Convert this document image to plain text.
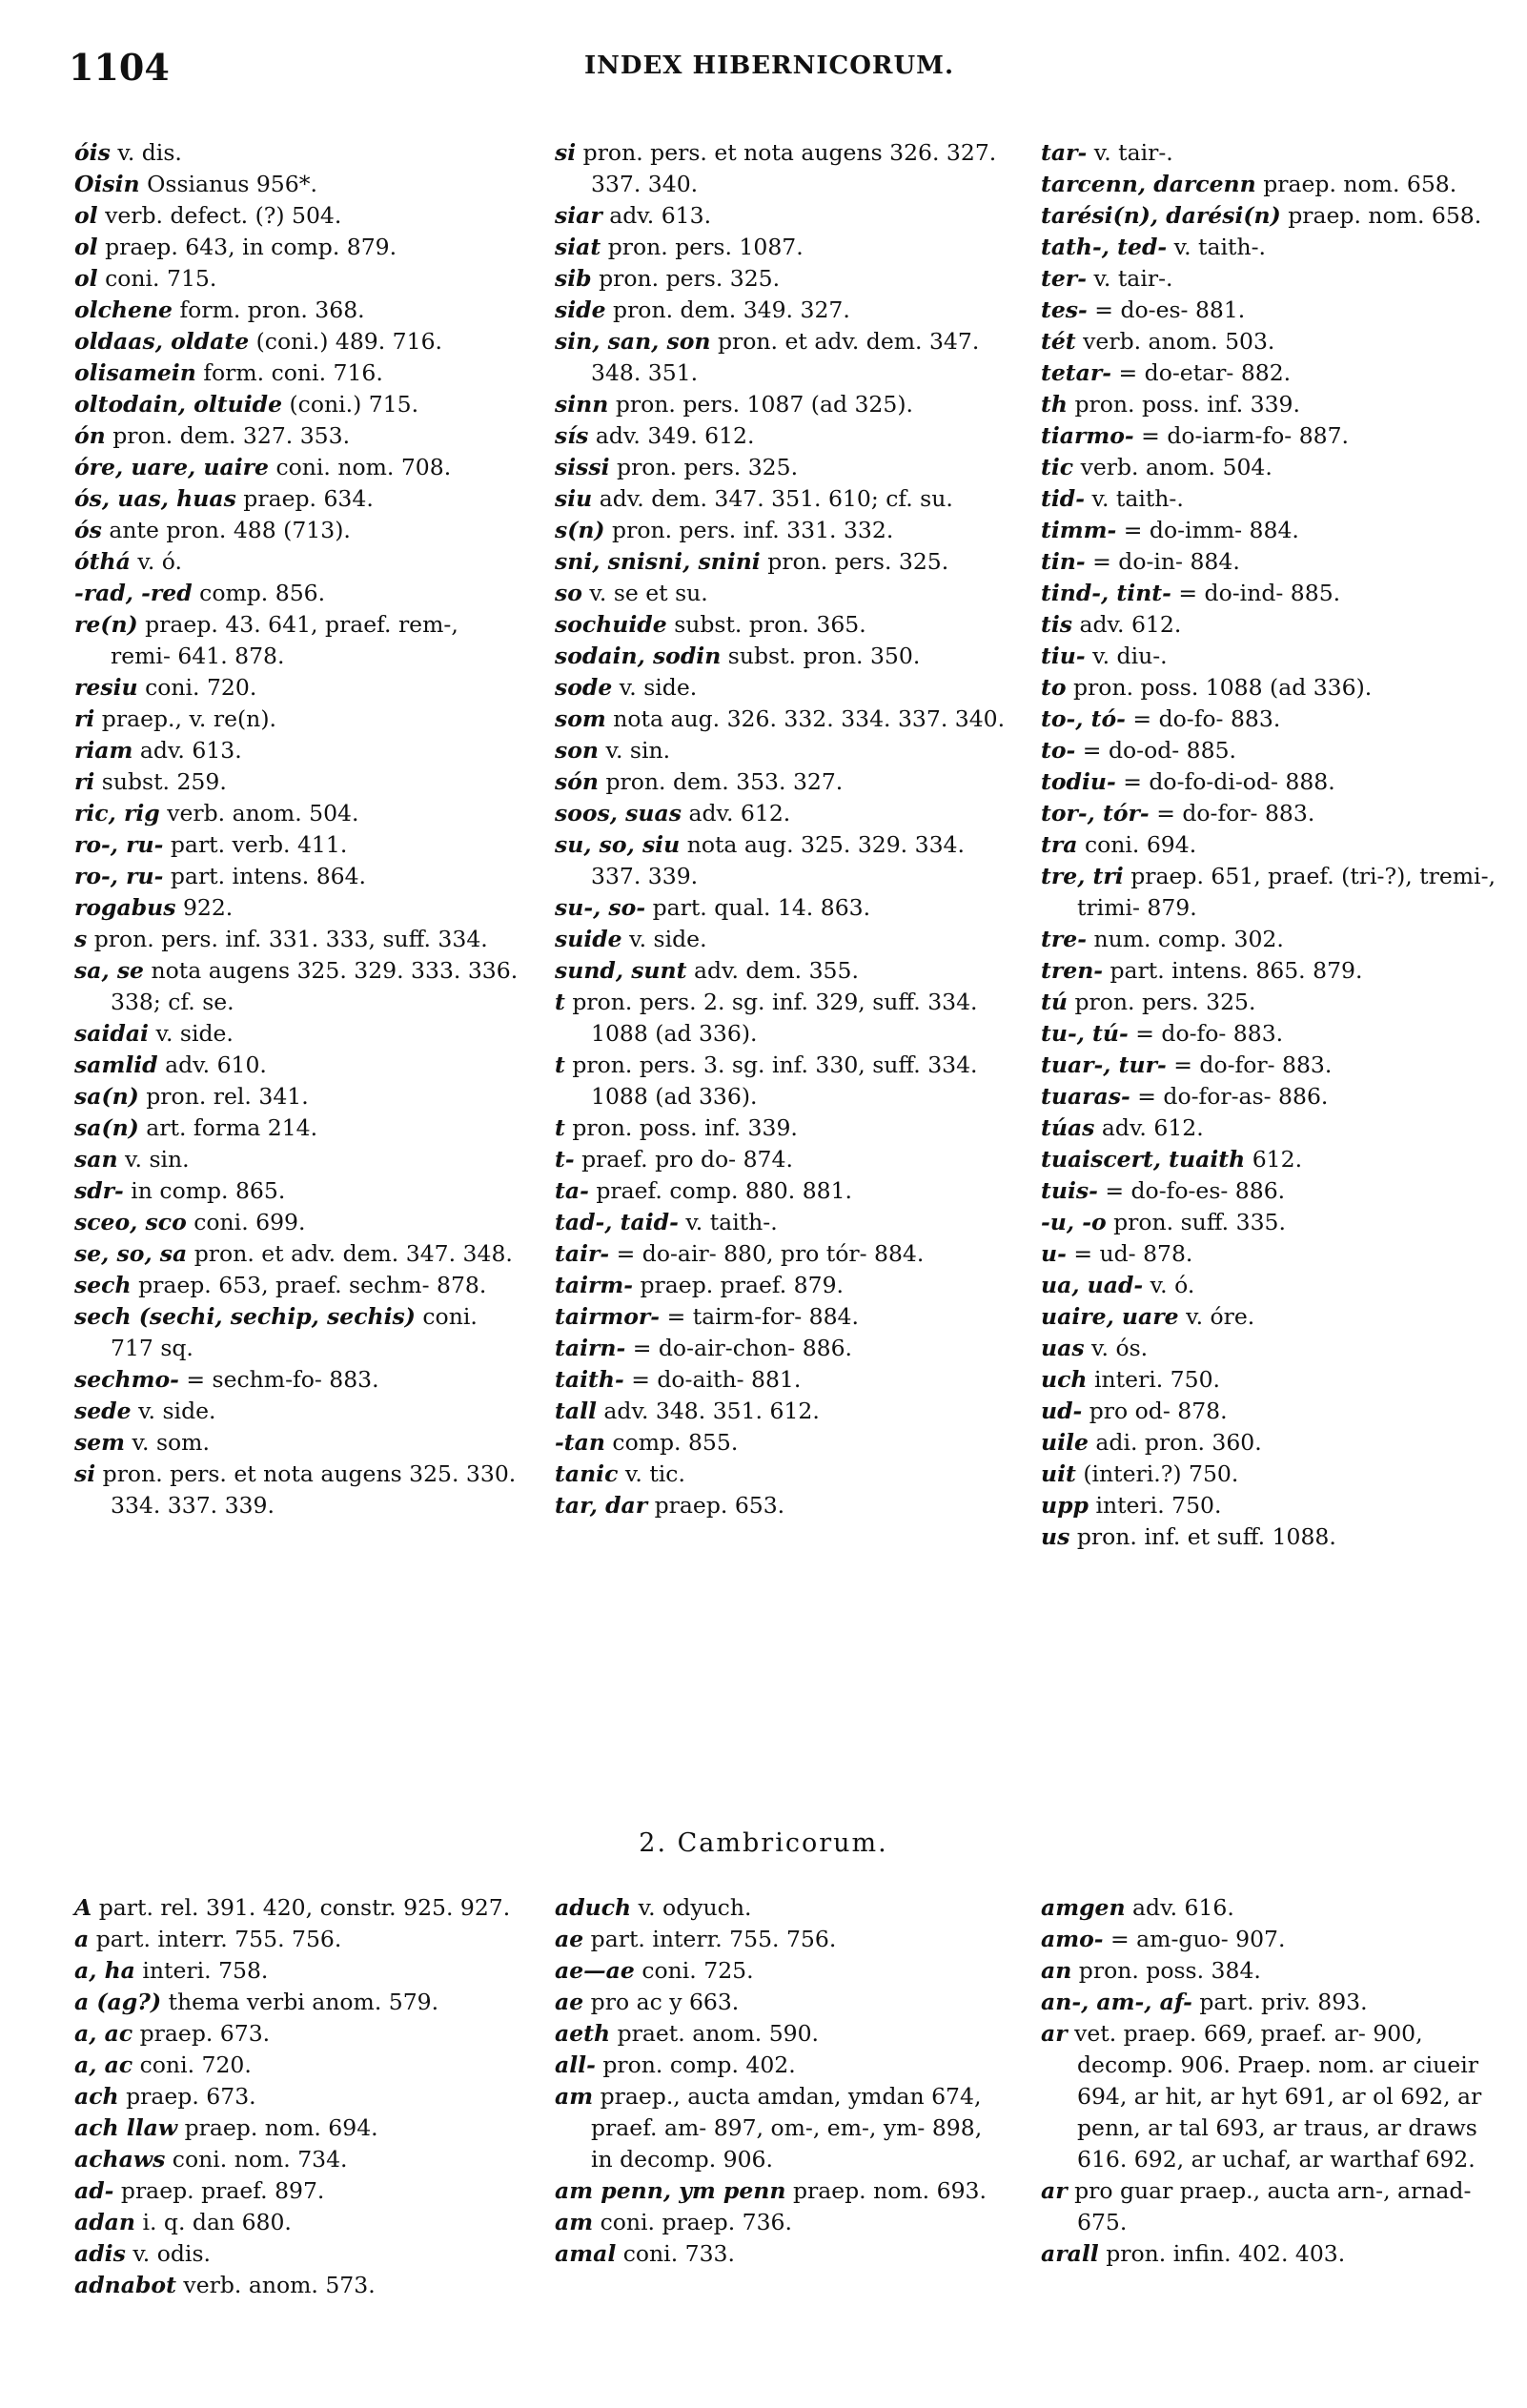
1104	INDEX HIBERNICORUM.
óis v. dis.
Oisin Ossianus 956*.
ol verb. defect. (?) 504.
ol praep. 643, in comp. 879.
ol coni. 715.
olchene form. pron. 368.
oldaas, oldate (coni.) 489. 716.
olisamein form. coni. 716.
oltodain, oltuide (coni.) 715.
ón pron. dem. 327. 353.
óre, uare, uaire coni. nom. 708.
ós, uas, huas praep. 634.
ós ante pron. 488 (713).
óthá v. ó.
-rad, -red comp. 856.
re(n) praep. 43. 641, praef. rem-, remi- 641. 878.
resiu coni. 720.
ri praep., v. re(n).
riam adv. 613.
ri subst. 259.
ric, rig verb. anom. 504.
ro-, ru- part. verb. 411.
ro-, ru- part. intens. 864.
rogabus 922.
s pron. pers. inf. 331. 333, suff. 334.
sa, se nota augens 325. 329. 333. 336. 338; cf. se.
saidai v. side.
samlid adv. 610.
sa(n) pron. rel. 341.
sa(n) art. forma 214.
san v. sin.
sdr- in comp. 865.
sceo, sco coni. 699.
se, so, sa pron. et adv. dem. 347. 348.
sech praep. 653, praef. sechm- 878.
sech (sechi, sechip, sechis) coni. 717 sq.
sechmo- = sechm-fo- 883.
sede v. side.
sem v. som.
si pron. pers. et nota augens 325. 330. 334. 337. 339.
si pron. pers. et nota augens 326. 327. 337. 340.
siar adv. 613.
siat pron. pers. 1087.
sib pron. pers. 325.
side pron. dem. 349. 327.
sin, san, son pron. et adv. dem. 347. 348. 351.
sinn pron. pers. 1087 (ad 325).
sís adv. 349. 612.
sissi pron. pers. 325.
siu adv. dem. 347. 351. 610; cf. su.
s(n) pron. pers. inf. 331. 332.
sni, snisni, snini pron. pers. 325.
so v. se et su.
sochuide subst. pron. 365.
sodain, sodin subst. pron. 350.
sode v. side.
som nota aug. 326. 332. 334. 337. 340.
son v. sin.
són pron. dem. 353. 327.
soos, suas adv. 612.
su, so, siu nota aug. 325. 329. 334. 337. 339.
su-, so- part. qual. 14. 863.
suide v. side.
sund, sunt adv. dem. 355.
t pron. pers. 2. sg. inf. 329, suff. 334. 1088 (ad 336).
t pron. pers. 3. sg. inf. 330, suff. 334. 1088 (ad 336).
t pron. poss. inf. 339.
t- praef. pro do- 874.
ta- praef. comp. 880. 881.
tad-, taid- v. taith-.
tair- = do-air- 880, pro tór- 884.
tairm- praep. praef. 879.
tairmor- = tairm-for- 884.
tairn- = do-air-chon- 886.
taith- = do-aith- 881.
tall adv. 348. 351. 612.
-tan comp. 855.
tanic v. tic.
tar, dar praep. 653.
tar- v. tair-.
tarcenn, darcenn praep. nom. 658.
tarési(n), darési(n) praep. nom. 658.
tath-, ted- v. taith-.
ter- v. tair-.
tes- = do-es- 881.
tét verb. anom. 503.
tetar- = do-etar- 882.
th pron. poss. inf. 339.
tiarmo- = do-iarm-fo- 887.
tic verb. anom. 504.
tid- v. taith-.
timm- = do-imm- 884.
tin- = do-in- 884.
tind-, tint- = do-ind- 885.
tis adv. 612.
tiu- v. diu-.
to pron. poss. 1088 (ad 336).
to-, tó- = do-fo- 883.
to- = do-od- 885.
todiu- = do-fo-di-od- 888.
tor-, tór- = do-for- 883.
tra coni. 694.
tre, tri praep. 651, praef. (tri-?), tremi-, trimi- 879.
tre- num. comp. 302.
tren- part. intens. 865. 879.
tú pron. pers. 325.
tu-, tú- = do-fo- 883.
tuar-, tur- = do-for- 883.
tuaras- = do-for-as- 886.
túas adv. 612.
tuaiscert, tuaith 612.
tuis- = do-fo-es- 886.
-u, -o pron. suff. 335.
u- = ud- 878.
ua, uad- v. ó.
uaire, uare v. óre.
uas v. ós.
uch interi. 750.
ud- pro od- 878.
uile adi. pron. 360.
uit (interi.?) 750.
upp interi. 750.
us pron. inf. et suff. 1088.
2. Cambricorum.
A part. rel. 391. 420, constr. 925. 927.
a part. interr. 755. 756.
a, ha interi. 758.
a (ag?) thema verbi anom. 579.
a, ac praep. 673.
a, ac coni. 720.
ach praep. 673.
ach llaw praep. nom. 694.
achaws coni. nom. 734.
ad- praep. praef. 897.
adan i. q. dan 680.
adis v. odis.
adnabot verb. anom. 573.
aduch v. odyuch.
ae part. interr. 755. 756.
ae—ae coni. 725.
ae pro ac y 663.
aeth praet. anom. 590.
all- pron. comp. 402.
am praep., aucta amdan, ymdan 674, praef. am- 897, om-, em-, ym- 898, in decomp. 906.
am penn, ym penn praep. nom. 693.
am coni. praep. 736.
amal coni. 733.
amgen adv. 616.
amo- = am-guo- 907.
an pron. poss. 384.
an-, am-, af- part. priv. 893.
ar vet. praep. 669, praef. ar- 900, decomp. 906. Praep. nom. ar ciueir 694, ar hit, ar hyt 691, ar ol 692, ar penn, ar tal 693, ar traus, ar draws 616. 692, ar uchaf, ar warthaf 692.
ar pro guar praep., aucta arn-, arnad- 675.
arall pron. infin. 402. 403.
